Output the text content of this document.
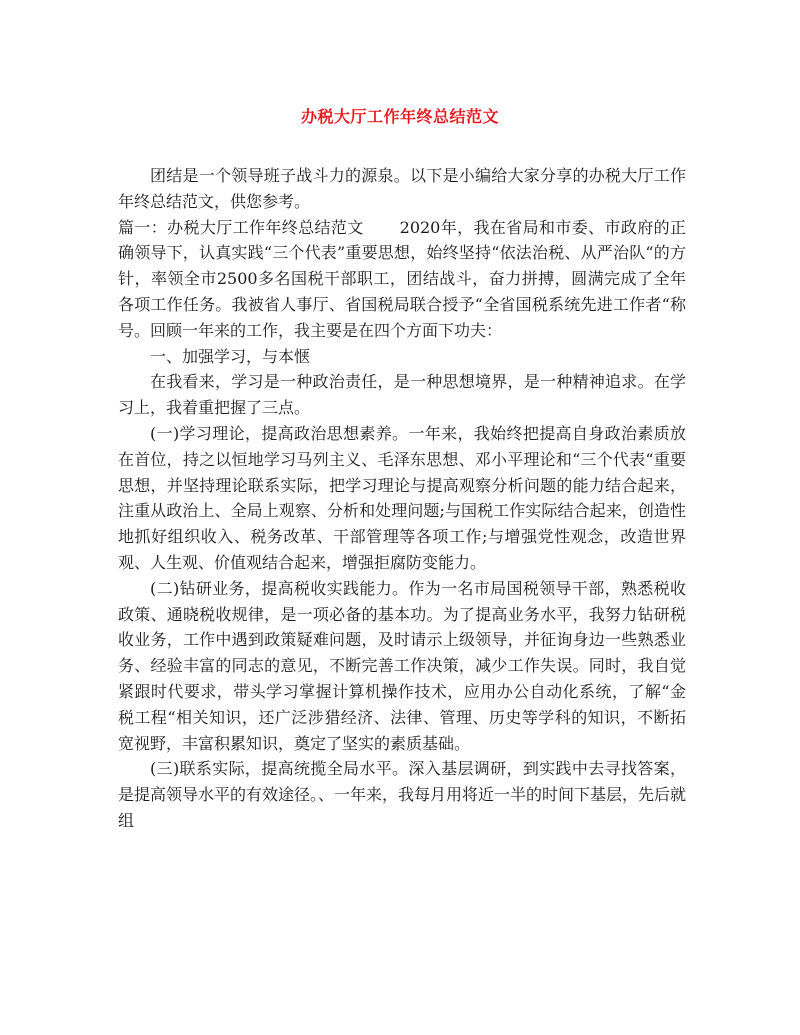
办税大厅工作年终总结范文

团结是一个领导班子战斗力的源泉。以下是小编给大家分享的办税大厅工作年终总结范文，供您参考。

篇一：办税大厅工作年终总结范文 2020年，我在省局和市委、市政府的正确领导下，认真实践“三个代表”重要思想，始终坚持“依法治税、从严治队“的方针，率领全市2500多名国税干部职工，团结战斗，奋力拼搏，圆满完成了全年各项工作任务。我被省人事厅、省国税局联合授予“全省国税系统先进工作者“称号。回顾一年来的工作，我主要是在四个方面下功夫：

一、加强学习，与本惬

在我看来，学习是一种政治责任，是一种思想境界，是一种精神追求。在学习上，我着重把握了三点。

(一)学习理论，提高政治思想素养。一年来，我始终把提高自身政治素质放在首位，持之以恒地学习马列主义、毛泽东思想、邓小平理论和“三个代表“重要思想，并坚持理论联系实际，把学习理论与提高观察分析问题的能力结合起来，注重从政治上、全局上观察、分析和处理问题;与国税工作实际结合起来，创造性地抓好组织收入、税务改革、干部管理等各项工作;与增强党性观念，改造世界观、人生观、价值观结合起来，增强拒腐防变能力。

(二)钻研业务，提高税收实践能力。作为一名市局国税领导干部，熟悉税收政策、通晓税收规律，是一项必备的基本功。为了提高业务水平，我努力钻研税收业务，工作中遇到政策疑难问题，及时请示上级领导，并征询身边一些熟悉业务、经验丰富的同志的意见，不断完善工作决策，减少工作失误。同时，我自觉紧跟时代要求，带头学习掌握计算机操作技术，应用办公自动化系统，了解“金税工程“相关知识，还广泛涉猎经济、法律、管理、历史等学科的知识，不断拓宽视野，丰富积累知识，奠定了坚实的素质基础。

(三)联系实际，提高统揽全局水平。深入基层调研，到实践中去寻找答案，是提高领导水平的有效途径。、一年来，我每月用将近一半的时间下基层，先后就组
